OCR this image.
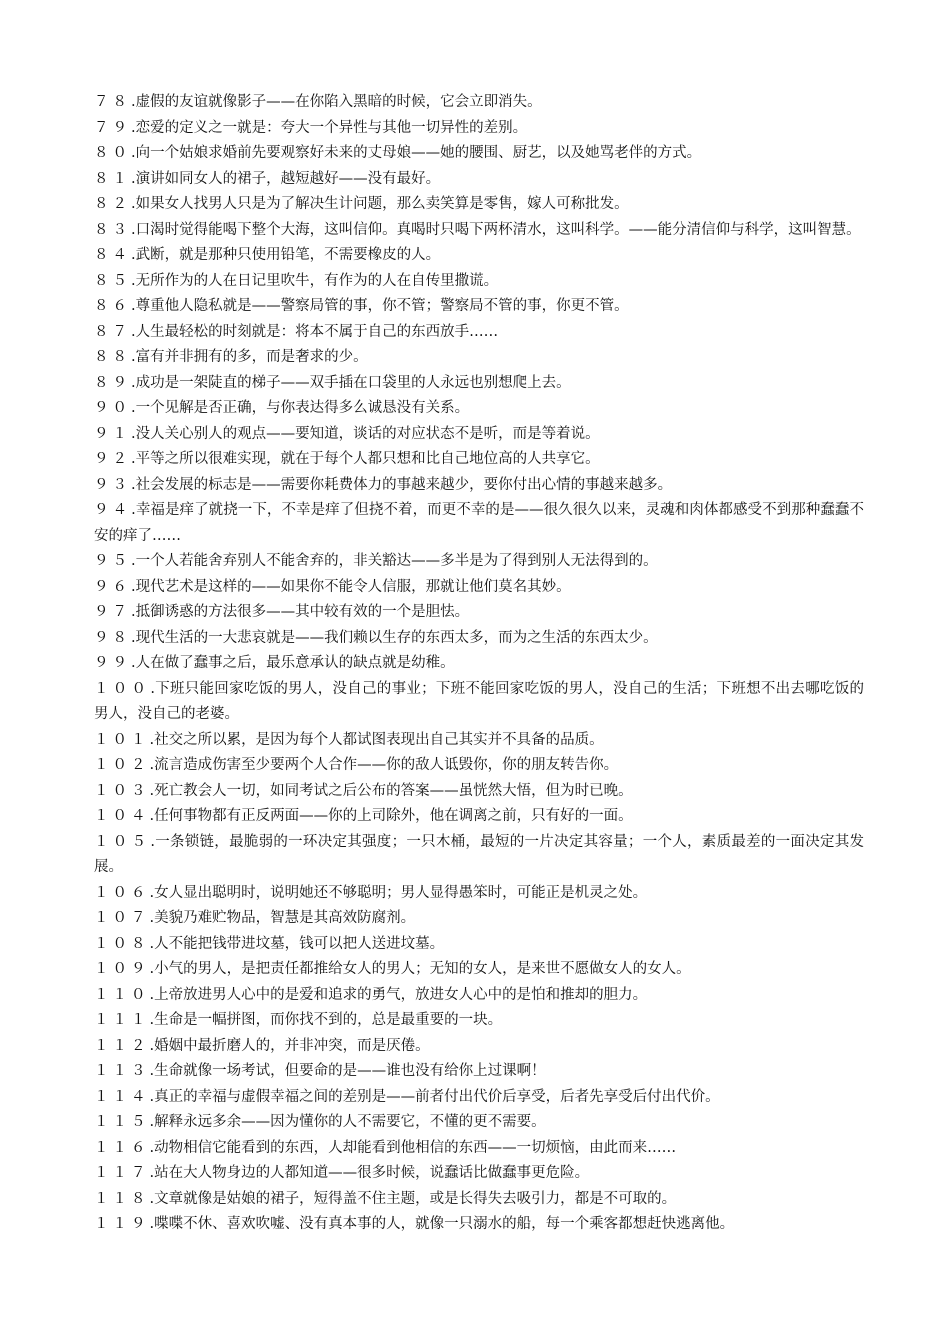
７８.虚假的友谊就像影子——在你陷入黑暗的时候，它会立即消失。

７９.恋爱的定义之一就是：夸大一个异性与其他一切异性的差别。

８０.向一个姑娘求婚前先要观察好未来的丈母娘——她的腰围、厨艺，以及她骂老伴的方式。

８１.演讲如同女人的裙子，越短越好——没有最好。

８２.如果女人找男人只是为了解决生计问题，那么卖笑算是零售，嫁人可称批发。

８３.口渴时觉得能喝下整个大海，这叫信仰。真喝时只喝下两杯清水，这叫科学。——能分清信仰与科学，这叫智慧。

８４.武断，就是那种只使用铅笔，不需要橡皮的人。

８５.无所作为的人在日记里吹牛，有作为的人在自传里撒谎。

８６.尊重他人隐私就是——警察局管的事，你不管；警察局不管的事，你更不管。

８７.人生最轻松的时刻就是：将本不属于自己的东西放手……

８８.富有并非拥有的多，而是奢求的少。

８９.成功是一架陡直的梯子——双手插在口袋里的人永远也别想爬上去。

９０.一个见解是否正确，与你表达得多么诚恳没有关系。

９１.没人关心别人的观点——要知道，谈话的对应状态不是听，而是等着说。

９２.平等之所以很难实现，就在于每个人都只想和比自己地位高的人共享它。

９３.社会发展的标志是——需要你耗费体力的事越来越少，要你付出心情的事越来越多。

９４.幸福是痒了就挠一下，不幸是痒了但挠不着，而更不幸的是——很久很久以来，灵魂和肉体都感受不到那种蠢蠢不安的痒了……

９５.一个人若能舍弃别人不能舍弃的，非关豁达——多半是为了得到别人无法得到的。

９６.现代艺术是这样的——如果你不能令人信服，那就让他们莫名其妙。

９７.抵御诱惑的方法很多——其中较有效的一个是胆怯。

９８.现代生活的一大悲哀就是——我们赖以生存的东西太多，而为之生活的东西太少。

９９.人在做了蠢事之后，最乐意承认的缺点就是幼稚。

１００.下班只能回家吃饭的男人，没自己的事业；下班不能回家吃饭的男人，没自己的生活；下班想不出去哪吃饭的男人，没自己的老婆。

１０１.社交之所以累，是因为每个人都试图表现出自己其实并不具备的品质。

１０２.流言造成伤害至少要两个人合作——你的敌人诋毁你，你的朋友转告你。

１０３.死亡教会人一切，如同考试之后公布的答案——虽恍然大悟，但为时已晚。

１０４.任何事物都有正反两面——你的上司除外，他在调离之前，只有好的一面。

１０５.一条锁链，最脆弱的一环决定其强度；一只木桶，最短的一片决定其容量；一个人，素质最差的一面决定其发展。

１０６.女人显出聪明时，说明她还不够聪明；男人显得愚笨时，可能正是机灵之处。

１０７.美貌乃难贮物品，智慧是其高效防腐剂。

１０８.人不能把钱带进坟墓，钱可以把人送进坟墓。

１０９.小气的男人，是把责任都推给女人的男人；无知的女人，是来世不愿做女人的女人。

１１０.上帝放进男人心中的是爱和追求的勇气，放进女人心中的是怕和推却的胆力。

１１１.生命是一幅拼图，而你找不到的，总是最重要的一块。

１１２.婚姻中最折磨人的，并非冲突，而是厌倦。

１１３.生命就像一场考试，但要命的是——谁也没有给你上过课啊！

１１４.真正的幸福与虚假幸福之间的差别是——前者付出代价后享受，后者先享受后付出代价。

１１５.解释永远多余——因为懂你的人不需要它，不懂的更不需要。

１１６.动物相信它能看到的东西，人却能看到他相信的东西——一切烦恼，由此而来……

１１７.站在大人物身边的人都知道——很多时候，说蠢话比做蠢事更危险。

１１８.文章就像是姑娘的裙子，短得盖不住主题，或是长得失去吸引力，都是不可取的。

１１９.喋喋不休、喜欢吹嘘、没有真本事的人，就像一只溺水的船，每一个乘客都想赶快逃离他。
